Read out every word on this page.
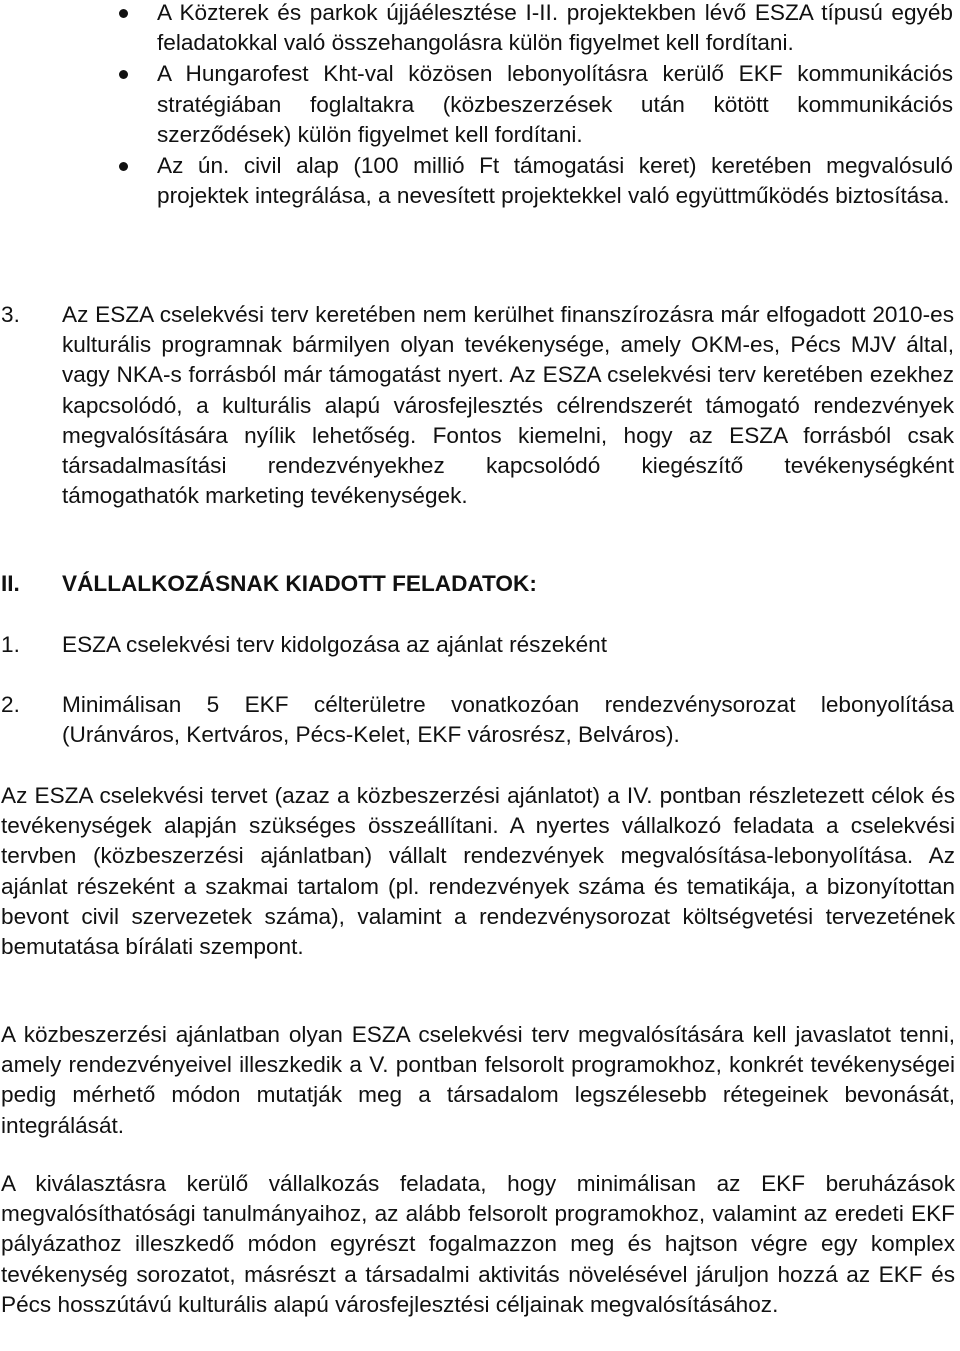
A Közterek és parkok újjáélesztése I-II. projektekben lévő ESZA típusú egyéb feladatokkal való összehangolásra külön figyelmet kell fordítani.
A Hungarofest Kht-val közösen lebonyolításra kerülő EKF kommunikációs stratégiában foglaltakra (közbeszerzések után kötött kommunikációs szerződések) külön figyelmet kell fordítani.
Az ún. civil alap (100 millió Ft támogatási keret) keretében megvalósuló projektek integrálása, a nevesített projektekkel való együttműködés biztosítása.
3. Az ESZA cselekvési terv keretében nem kerülhet finanszírozásra már elfogadott 2010-es kulturális programnak bármilyen olyan tevékenysége, amely OKM-es, Pécs MJV által, vagy NKA-s forrásból már támogatást nyert. Az ESZA cselekvési terv keretében ezekhez kapcsolódó, a kulturális alapú városfejlesztés célrendszerét támogató rendezvények megvalósítására nyílik lehetőség. Fontos kiemelni, hogy az ESZA forrásból csak társadalmasítási rendezvényekhez kapcsolódó kiegészítő tevékenységként támogathatók marketing tevékenységek.
II. VÁLLALKOZÁSNAK KIADOTT FELADATOK:
1. ESZA cselekvési terv kidolgozása az ajánlat részeként
2. Minimálisan 5 EKF célterületre vonatkozóan rendezvénysorozat lebonyolítása (Uránváros, Kertváros, Pécs-Kelet, EKF városrész, Belváros).
Az ESZA cselekvési tervet (azaz a közbeszerzési ajánlatot) a IV. pontban részletezett célok és tevékenységek alapján szükséges összeállítani. A nyertes vállalkozó feladata a cselekvési tervben (közbeszerzési ajánlatban) vállalt rendezvények megvalósítása-lebonyolítása. Az ajánlat részeként a szakmai tartalom (pl. rendezvények száma és tematikája, a bizonyítottan bevont civil szervezetek száma), valamint a rendezvénysorozat költségvetési tervezetének bemutatása bírálati szempont.
A közbeszerzési ajánlatban olyan ESZA cselekvési terv megvalósítására kell javaslatot tenni, amely rendezvényeivel illeszkedik a V. pontban felsorolt programokhoz, konkrét tevékenységei pedig mérhető módon mutatják meg a társadalom legszélesebb rétegeinek bevonását, integrálását.
A kiválasztásra kerülő vállalkozás feladata, hogy minimálisan az EKF beruházások megvalósíthatósági tanulmányaihoz, az alább felsorolt programokhoz, valamint az eredeti EKF pályázathoz illeszkedő módon egyrészt fogalmazzon meg és hajtson végre egy komplex tevékenység sorozatot, másrészt a társadalmi aktivitás növelésével járuljon hozzá az EKF és Pécs hosszútávú kulturális alapú városfejlesztési céljainak megvalósításához.
